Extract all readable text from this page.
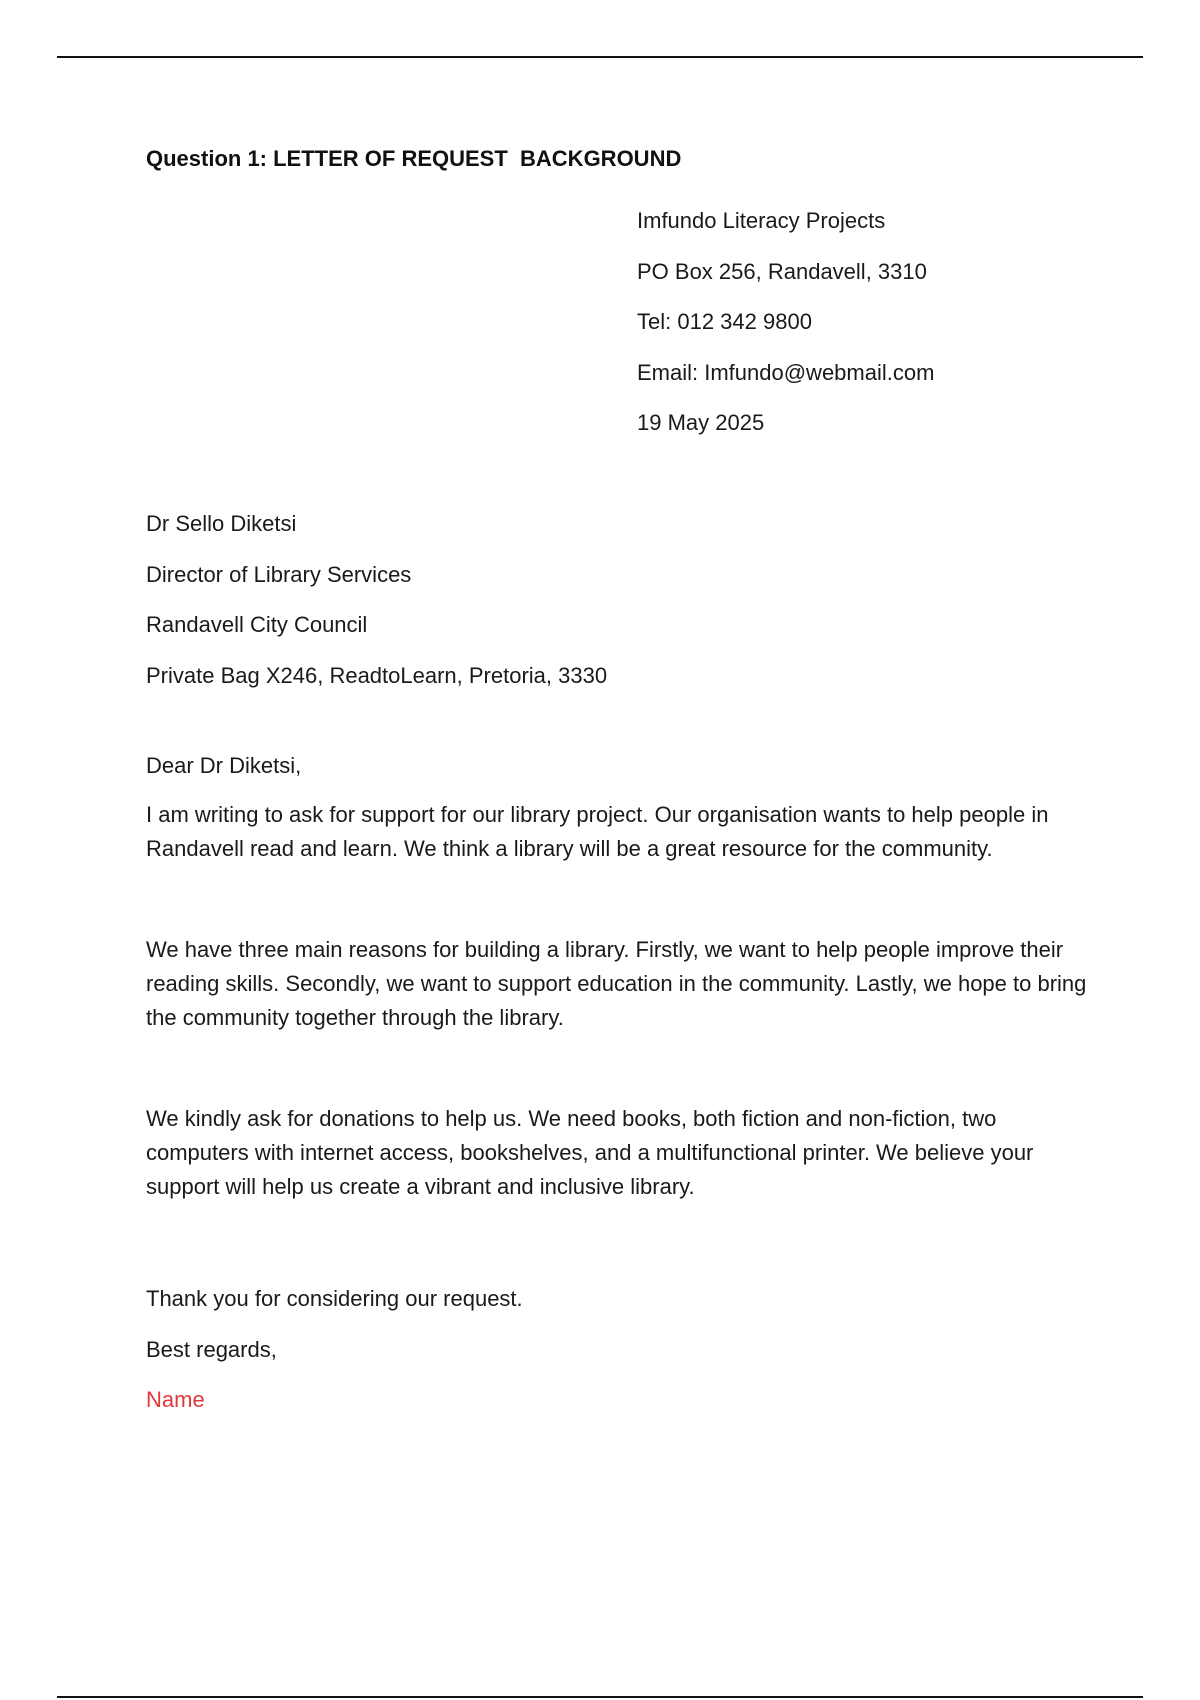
Question 1: LETTER OF REQUEST  BACKGROUND
Imfundo Literacy Projects
PO Box 256, Randavell, 3310
Tel: 012 342 9800
Email: Imfundo@webmail.com
19 May 2025
Dr Sello Diketsi
Director of Library Services
Randavell City Council
Private Bag X246, ReadtoLearn, Pretoria, 3330
Dear Dr Diketsi,
I am writing to ask for support for our library project. Our organisation wants to help people in Randavell read and learn. We think a library will be a great resource for the community.
We have three main reasons for building a library. Firstly, we want to help people improve their reading skills. Secondly, we want to support education in the community. Lastly, we hope to bring the community together through the library.
We kindly ask for donations to help us. We need books, both fiction and non-fiction, two computers with internet access, bookshelves, and a multifunctional printer. We believe your support will help us create a vibrant and inclusive library.
Thank you for considering our request.
Best regards,
Name
